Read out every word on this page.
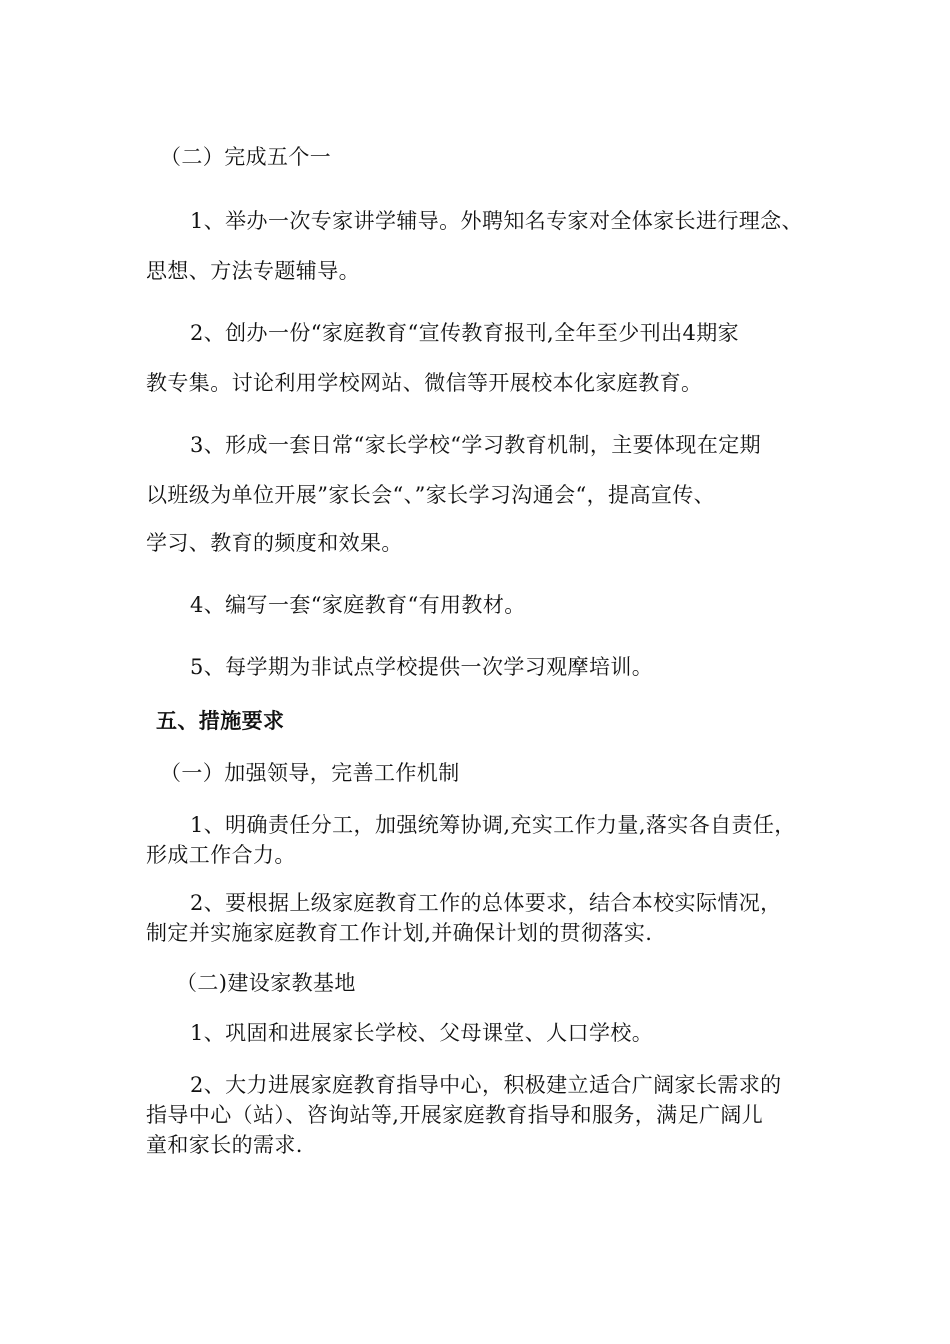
（二）完成五个一
1、举办一次专家讲学辅导。外聘知名专家对全体家长进行理念、
思想、方法专题辅导。
2、创办一份“家庭教育“宣传教育报刊,全年至少刊出4期家
教专集。讨论利用学校网站、微信等开展校本化家庭教育。
3、形成一套日常“家长学校“学习教育机制，主要体现在定期
以班级为单位开展”家长会“、”家长学习沟通会“，提高宣传、
学习、教育的频度和效果。
4、编写一套“家庭教育“有用教材。
5、每学期为非试点学校提供一次学习观摩培训。
五、措施要求
（一）加强领导，完善工作机制
1、明确责任分工，加强统筹协调,充实工作力量,落实各自责任，
形成工作合力。
2、要根据上级家庭教育工作的总体要求，结合本校实际情况，
制定并实施家庭教育工作计划,并确保计划的贯彻落实.
（二)建设家教基地
1、巩固和进展家长学校、父母课堂、人口学校。
2、大力进展家庭教育指导中心，积极建立适合广阔家长需求的
指导中心（站）、咨询站等,开展家庭教育指导和服务，满足广阔儿
童和家长的需求.
